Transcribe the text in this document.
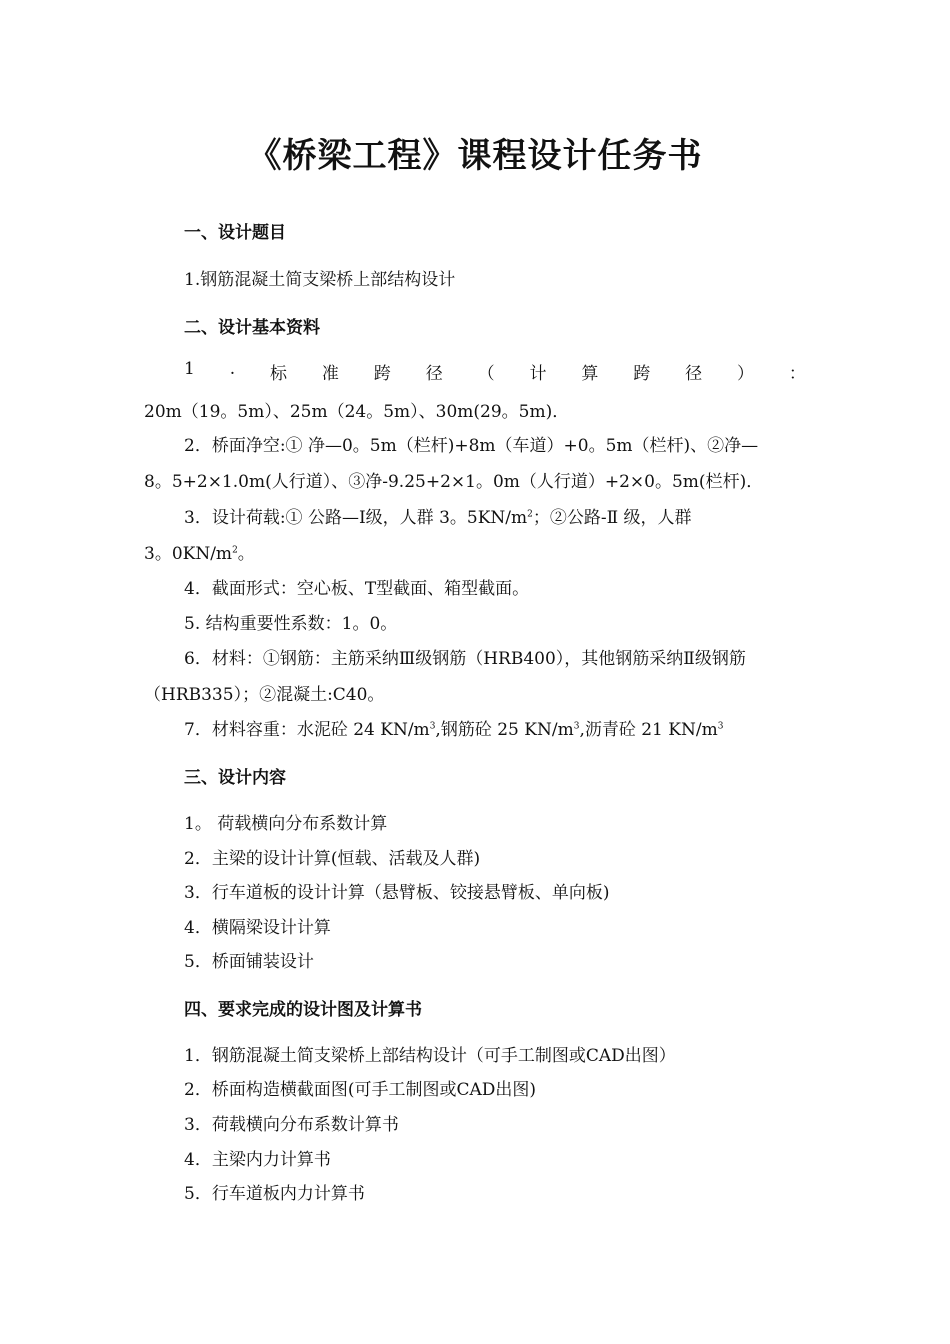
《桥梁工程》课程设计任务书
一、设计题目
1.钢筋混凝土简支梁桥上部结构设计
二、设计基本资料
1 . 标 准 跨 径 （ 计 算 跨 径 ） ：
20m（19。5m）、25m（24。5m）、30m(29。5m)．
2．桥面净空:① 净—0。5m（栏杆)+8m（车道）+0。5m（栏杆)、②净—
8。5+2×1.0m(人行道）、③净-9.25+2×1。0m（人行道）+2×0。5m(栏杆)．
3．设计荷载:① 公路—Ⅰ级，人群 3。$5KN/m^2$；②公路-Ⅱ 级，人群
3。$0KN/m^2$。
4．截面形式：空心板、T型截面、箱型截面。
5. 结构重要性系数：1。0。
6．材料：①钢筋：主筋采纳Ⅲ级钢筋（HRB400），其他钢筋采纳Ⅱ级钢筋
（HRB335）；②混凝土:C40。
7．材料容重：水泥砼 24 $KN/m^3$,钢筋砼 25 $KN/m^3$,沥青砼 21 $KN/m^3$
三、设计内容
1。 荷载横向分布系数计算
2．主梁的设计计算(恒载、活载及人群)
3．行车道板的设计计算（悬臂板、铰接悬臂板、单向板)
4．横隔梁设计计算
5．桥面铺装设计
四、要求完成的设计图及计算书
1．钢筋混凝土简支梁桥上部结构设计（可手工制图或CAD出图）
2．桥面构造横截面图(可手工制图或CAD出图)
3．荷载横向分布系数计算书
4．主梁内力计算书
5．行车道板内力计算书
